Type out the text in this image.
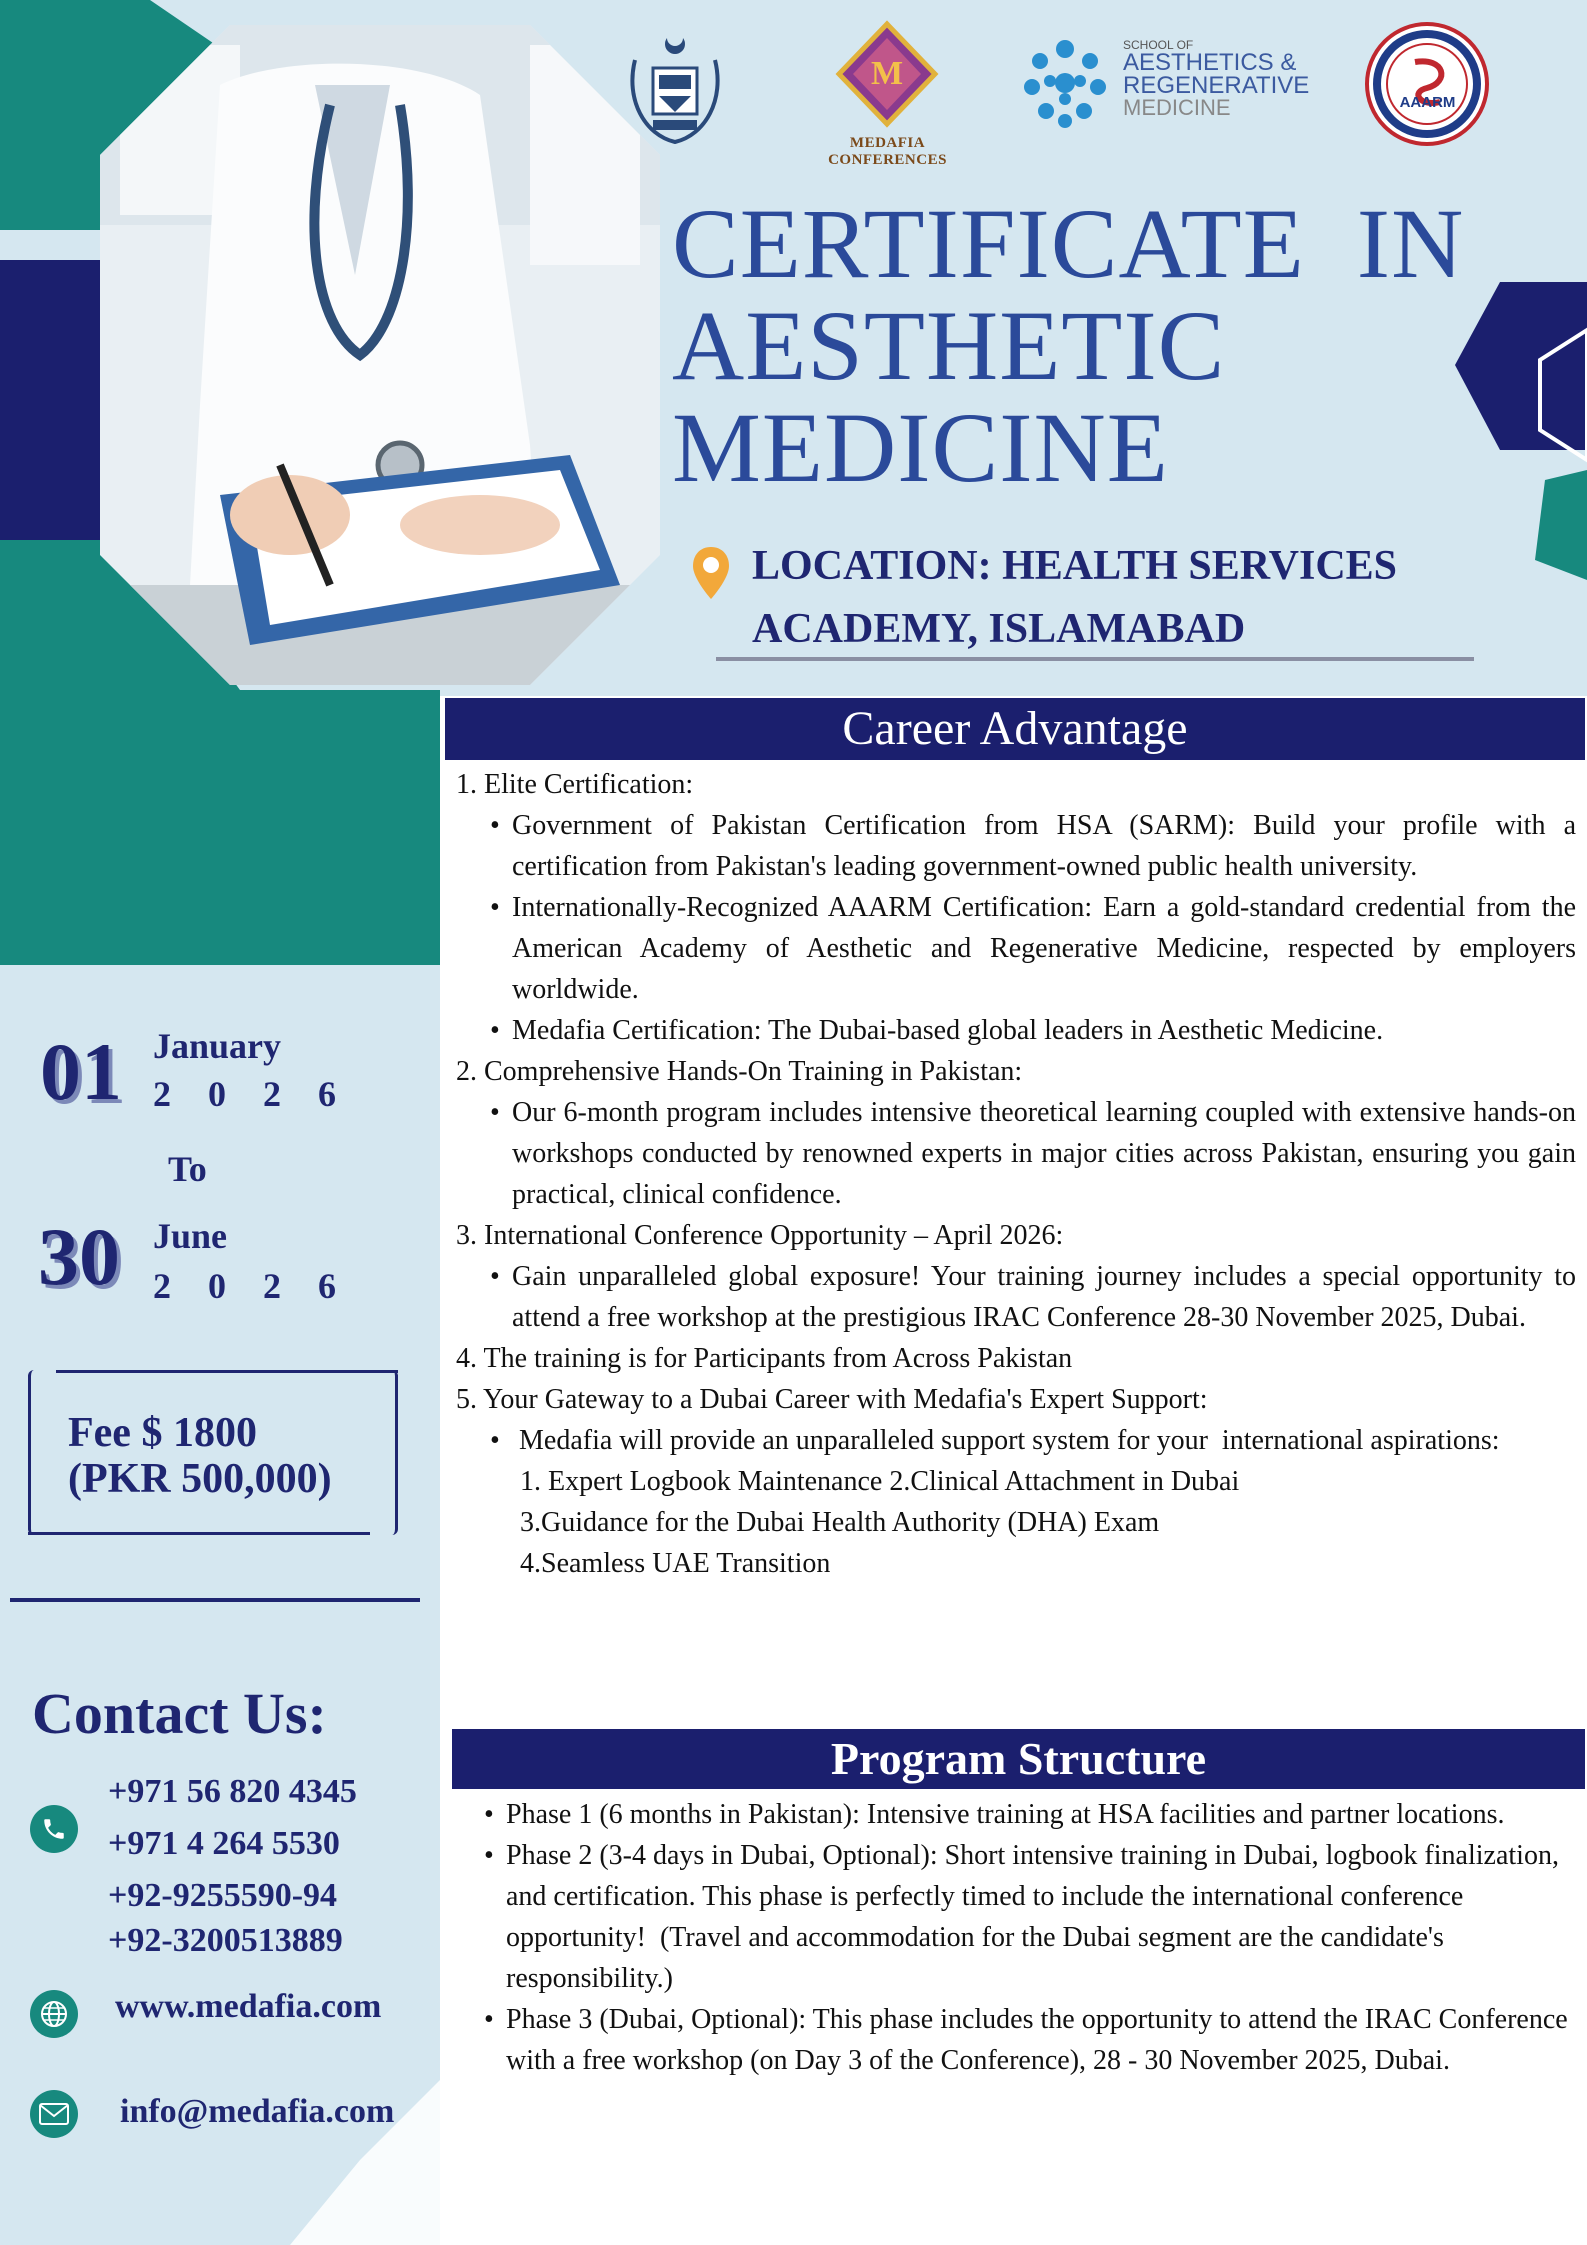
M
MEDAFIA CONFERENCES
SCHOOL OF
AESTHETICS &
REGENERATIVE
MEDICINE	AAARM
CERTIFICATE  IN
AESTHETIC
MEDICINE
LOCATION: HEALTH SERVICES
ACADEMY, ISLAMABAD
01 January
2 0 2 6
To
30 June
2 0 2 6
Fee $ 1800
(PKR 500,000)
Contact Us:
+971 56 820 4345
+971 4 264 5530
+92-9255590-94
+92-3200513889
www.medafia.com
info@medafia.com
Career Advantage
1. Elite Certification:
• Government of Pakistan Certification from HSA (SARM): Build your profile with a certification from Pakistan's leading government-owned public health university.
• Internationally-Recognized AAARM Certification: Earn a gold-standard credential from the American Academy of Aesthetic and Regenerative Medicine, respected by employers worldwide.
• Medafia Certification: The Dubai-based global leaders in Aesthetic Medicine.
2. Comprehensive Hands-On Training in Pakistan:
• Our 6-month program includes intensive theoretical learning coupled with extensive hands-on workshops conducted by renowned experts in major cities across Pakistan, ensuring you gain practical, clinical confidence.
3. International Conference Opportunity – April 2026:
• Gain unparalleled global exposure! Your training journey includes a special opportunity to attend a free workshop at the prestigious IRAC Conference 28-30 November 2025, Dubai.
4. The training is for Participants from Across Pakistan
5. Your Gateway to a Dubai Career with Medafia's Expert Support:
• Medafia will provide an unparalleled support system for your  international aspirations:
1. Expert Logbook Maintenance 2.Clinical Attachment in Dubai
3.Guidance for the Dubai Health Authority (DHA) Exam
4.Seamless UAE Transition
Program Structure
• Phase 1 (6 months in Pakistan): Intensive training at HSA facilities and partner locations.
• Phase 2 (3-4 days in Dubai, Optional): Short intensive training in Dubai, logbook finalization, and certification. This phase is perfectly timed to include the international conference opportunity!  (Travel and accommodation for the Dubai segment are the candidate's responsibility.)
• Phase 3 (Dubai, Optional): This phase includes the opportunity to attend the IRAC Conference with a free workshop (on Day 3 of the Conference), 28 - 30 November 2025, Dubai.
